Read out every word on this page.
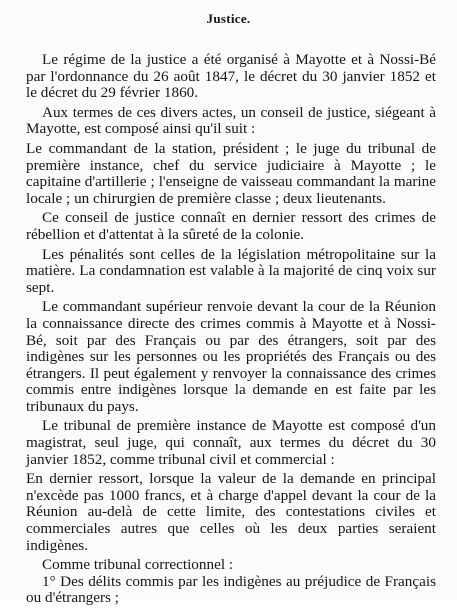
Justice.

Le régime de la justice a été organisé à Mayotte et à Nossi-Bé par l'ordonnance du 26 août 1847, le décret du 30 janvier 1852 et le décret du 29 février 1860.

Aux termes de ces divers actes, un conseil de justice, siégeant à Mayotte, est composé ainsi qu'il suit :

Le commandant de la station, président ; le juge du tribunal de première instance, chef du service judiciaire à Mayotte ; le capitaine d'artillerie ; l'enseigne de vaisseau commandant la marine locale ; un chirurgien de première classe ; deux lieutenants.

Ce conseil de justice connaît en dernier ressort des crimes de rébellion et d'attentat à la sûreté de la colonie.

Les pénalités sont celles de la législation métropolitaine sur la matière. La condamnation est valable à la majorité de cinq voix sur sept.

Le commandant supérieur renvoie devant la cour de la Réunion la connaissance directe des crimes commis à Mayotte et à Nossi-Bé, soit par des Français ou par des étrangers, soit par des indigènes sur les personnes ou les propriétés des Français ou des étrangers. Il peut également y renvoyer la connaissance des crimes commis entre indigènes lorsque la demande en est faite par les tribunaux du pays.

Le tribunal de première instance de Mayotte est composé d'un magistrat, seul juge, qui connaît, aux termes du décret du 30 janvier 1852, comme tribunal civil et commercial :

En dernier ressort, lorsque la valeur de la demande en principal n'excède pas 1000 francs, et à charge d'appel devant la cour de la Réunion au-delà de cette limite, des contestations civiles et commerciales autres que celles où les deux parties seraient indigènes.

Comme tribunal correctionnel :

1° Des délits commis par les indigènes au préjudice de Français ou d'étrangers ;
